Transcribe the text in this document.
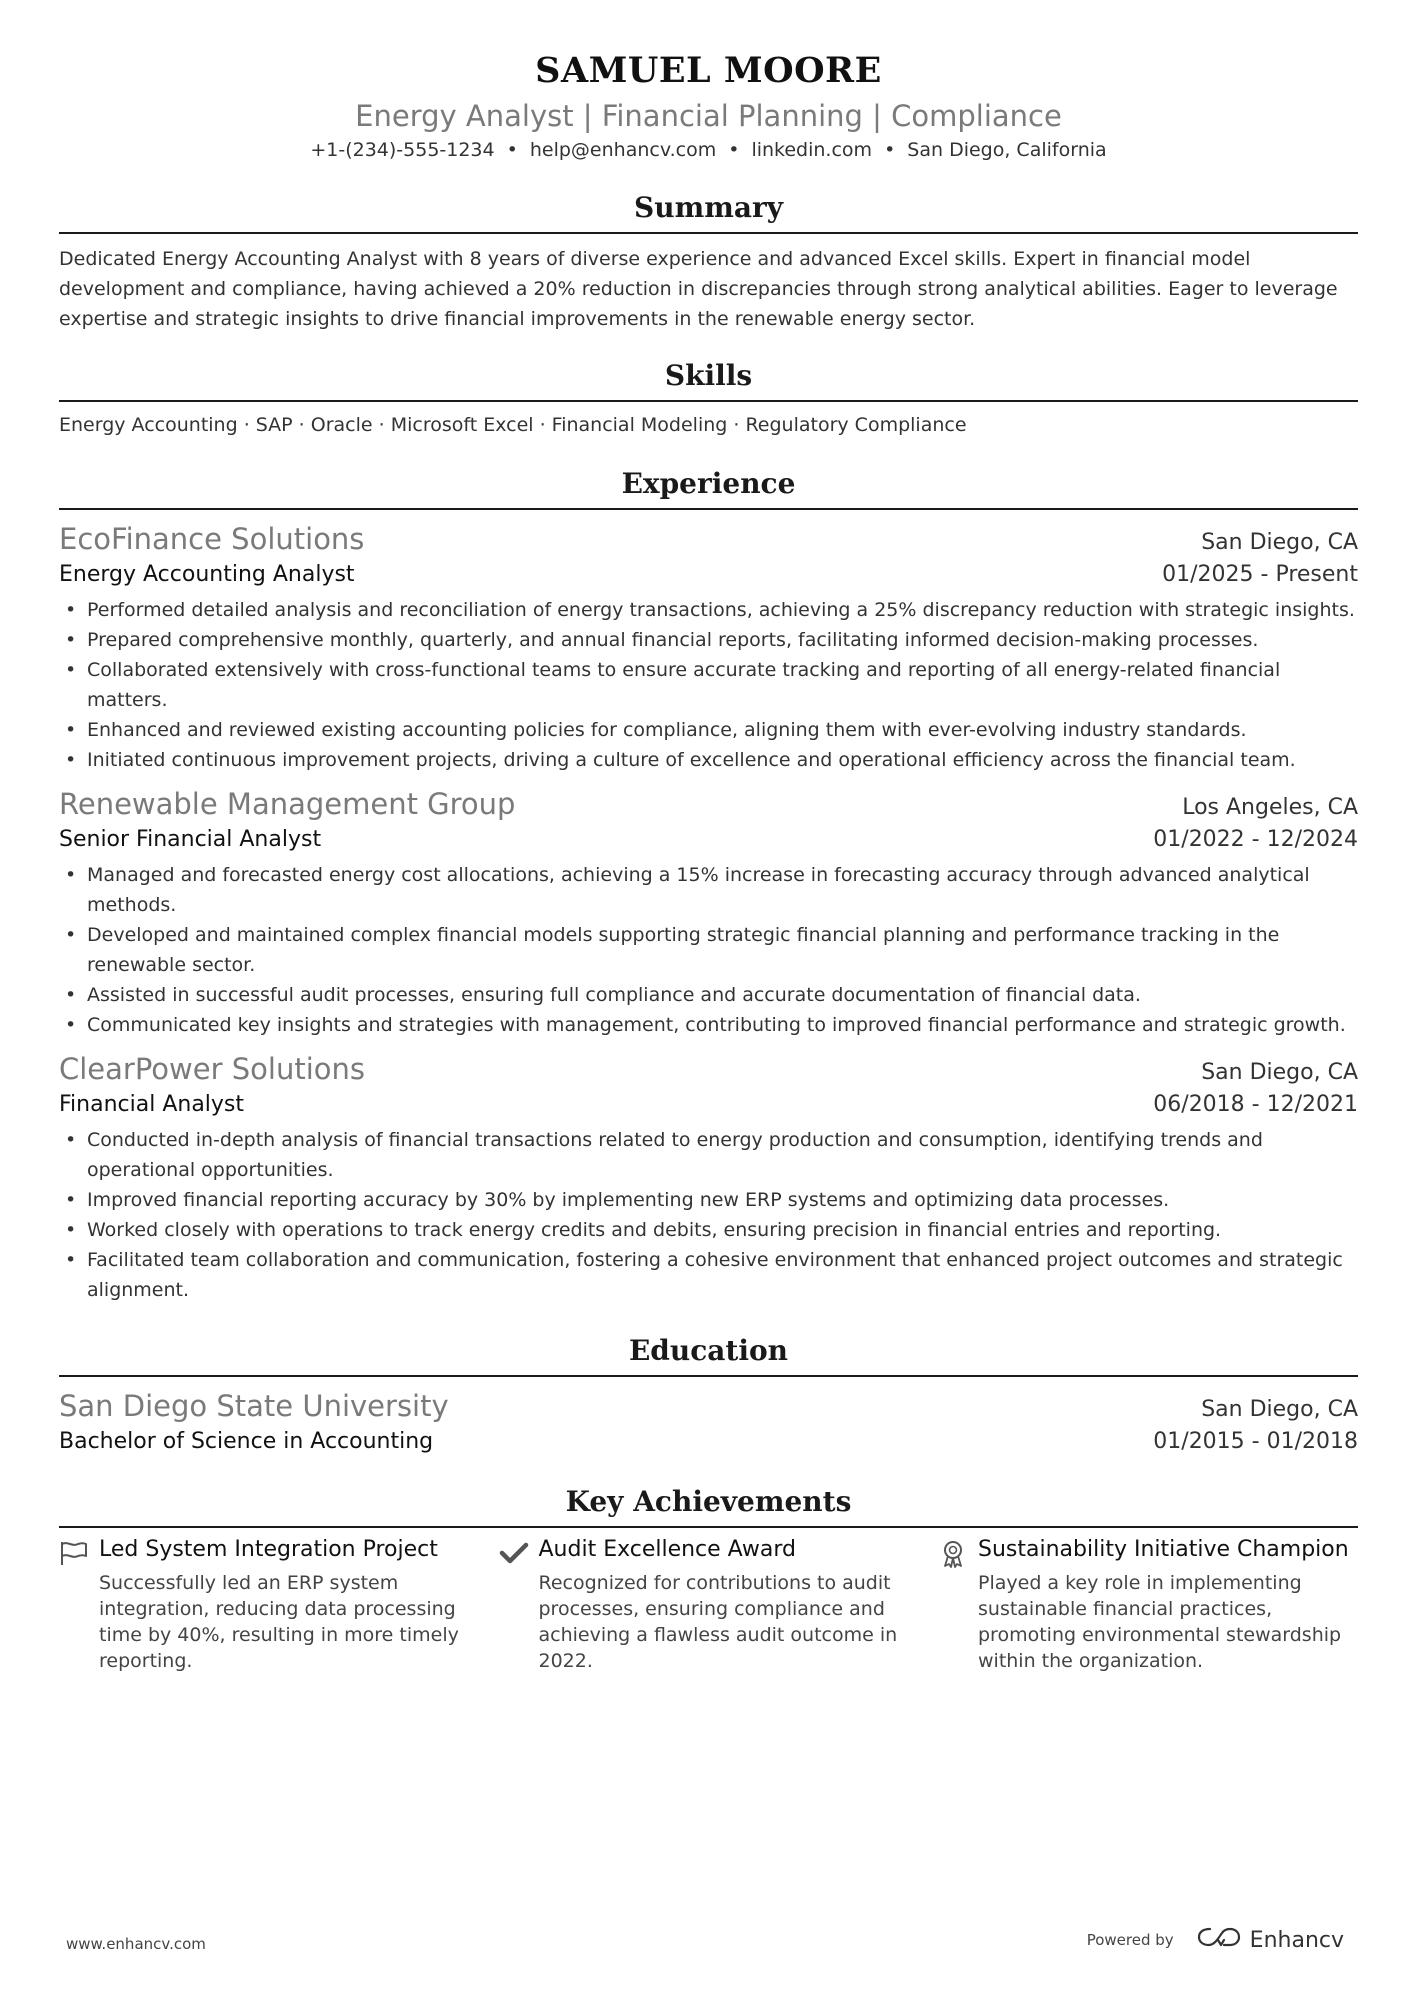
SAMUEL MOORE
Energy Analyst | Financial Planning | Compliance
+1-(234)-555-1234 • help@enhancv.com • linkedin.com • San Diego, California
Summary
Dedicated Energy Accounting Analyst with 8 years of diverse experience and advanced Excel skills. Expert in financial model development and compliance, having achieved a 20% reduction in discrepancies through strong analytical abilities. Eager to leverage expertise and strategic insights to drive financial improvements in the renewable energy sector.
Skills
Energy Accounting · SAP · Oracle · Microsoft Excel · Financial Modeling · Regulatory Compliance
Experience
EcoFinance Solutions	San Diego, CA
Energy Accounting Analyst	01/2025 - Present
• Performed detailed analysis and reconciliation of energy transactions, achieving a 25% discrepancy reduction with strategic insights.
• Prepared comprehensive monthly, quarterly, and annual financial reports, facilitating informed decision-making processes.
• Collaborated extensively with cross-functional teams to ensure accurate tracking and reporting of all energy-related financial matters.
• Enhanced and reviewed existing accounting policies for compliance, aligning them with ever-evolving industry standards.
• Initiated continuous improvement projects, driving a culture of excellence and operational efficiency across the financial team.
Renewable Management Group	Los Angeles, CA
Senior Financial Analyst	01/2022 - 12/2024
• Managed and forecasted energy cost allocations, achieving a 15% increase in forecasting accuracy through advanced analytical methods.
• Developed and maintained complex financial models supporting strategic financial planning and performance tracking in the renewable sector.
• Assisted in successful audit processes, ensuring full compliance and accurate documentation of financial data.
• Communicated key insights and strategies with management, contributing to improved financial performance and strategic growth.
ClearPower Solutions	San Diego, CA
Financial Analyst	06/2018 - 12/2021
• Conducted in-depth analysis of financial transactions related to energy production and consumption, identifying trends and operational opportunities.
• Improved financial reporting accuracy by 30% by implementing new ERP systems and optimizing data processes.
• Worked closely with operations to track energy credits and debits, ensuring precision in financial entries and reporting.
• Facilitated team collaboration and communication, fostering a cohesive environment that enhanced project outcomes and strategic alignment.
Education
San Diego State University	San Diego, CA
Bachelor of Science in Accounting	01/2015 - 01/2018
Key Achievements
Led System Integration Project
Successfully led an ERP system integration, reducing data processing time by 40%, resulting in more timely reporting.
Audit Excellence Award
Recognized for contributions to audit processes, ensuring compliance and achieving a flawless audit outcome in 2022.
Sustainability Initiative Champion
Played a key role in implementing sustainable financial practices, promoting environmental stewardship within the organization.
www.enhancv.com	Powered by	Enhancv
